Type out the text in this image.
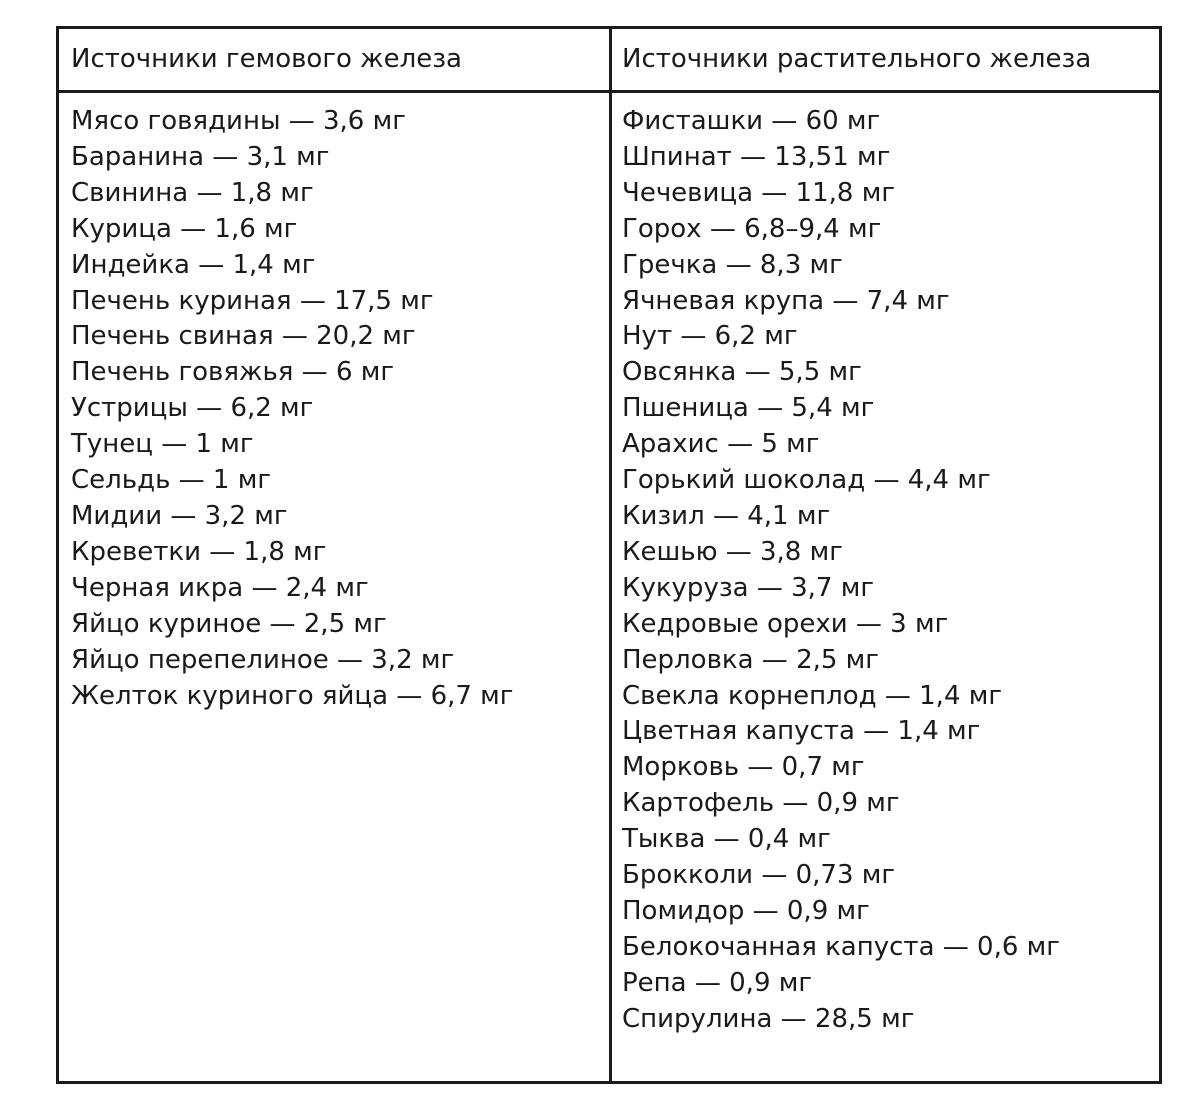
Источники гемового железа	Источники растительного железа
Мясо говядины — 3,6 мг
Баранина — 3,1 мг
Свинина — 1,8 мг
Курица — 1,6 мг
Индейка — 1,4 мг
Печень куриная — 17,5 мг
Печень свиная — 20,2 мг
Печень говяжья — 6 мг
Устрицы — 6,2 мг
Тунец — 1 мг
Сельдь — 1 мг
Мидии — 3,2 мг
Креветки — 1,8 мг
Черная икра — 2,4 мг
Яйцо куриное — 2,5 мг
Яйцо перепелиное — 3,2 мг
Желток куриного яйца — 6,7 мг
Фисташки — 60 мг
Шпинат — 13,51 мг
Чечевица — 11,8 мг
Горох — 6,8–9,4 мг
Гречка — 8,3 мг
Ячневая крупа — 7,4 мг
Нут — 6,2 мг
Овсянка — 5,5 мг
Пшеница — 5,4 мг
Арахис — 5 мг
Горький шоколад — 4,4 мг
Кизил — 4,1 мг
Кешью — 3,8 мг
Кукуруза — 3,7 мг
Кедровые орехи — 3 мг
Перловка — 2,5 мг
Свекла корнеплод — 1,4 мг
Цветная капуста — 1,4 мг
Морковь — 0,7 мг
Картофель — 0,9 мг
Тыква — 0,4 мг
Брокколи — 0,73 мг
Помидор — 0,9 мг
Белокочанная капуста — 0,6 мг
Репа — 0,9 мг
Спирулина — 28,5 мг
